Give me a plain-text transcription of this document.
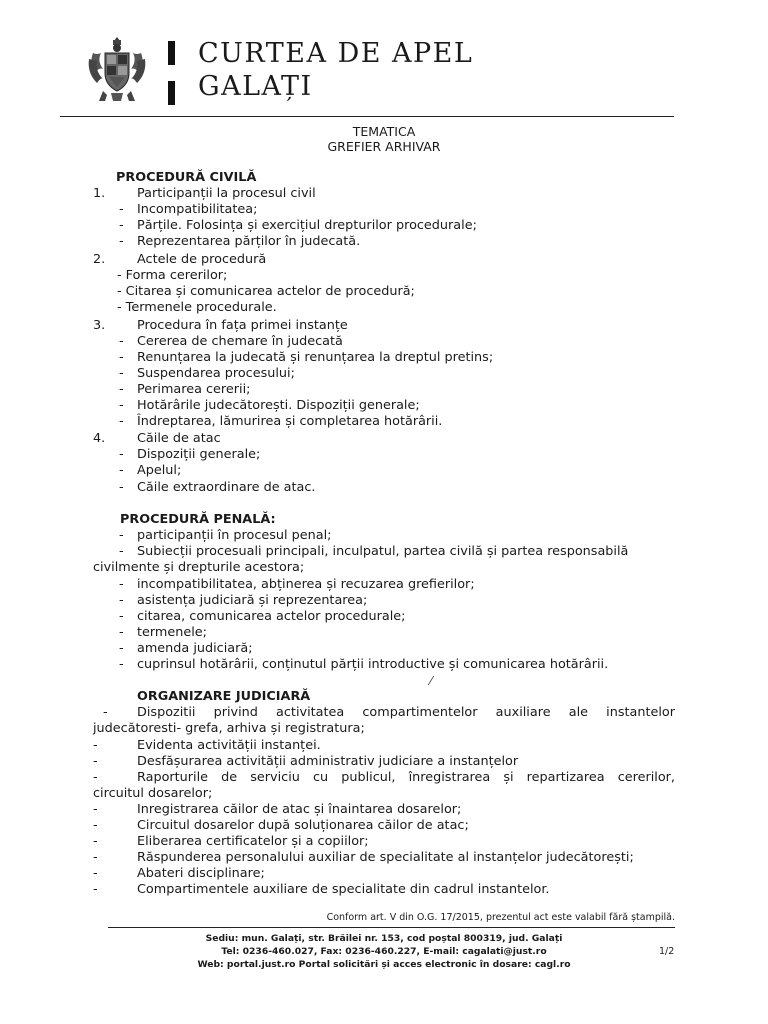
CURTEA DE APEL
GALAȚI
TEMATICA
GREFIER ARHIVAR
PROCEDURĂ CIVILĂ
1. Participanții la procesul civil
- Incompatibilitatea;
- Părțile. Folosința și exercițiul drepturilor procedurale;
- Reprezentarea părților în judecată.
2. Actele de procedură
- Forma cererilor;
- Citarea și comunicarea actelor de procedură;
- Termenele procedurale.
3. Procedura în fața primei instanțe
- Cererea de chemare în judecată
- Renunțarea la judecată și renunțarea la dreptul pretins;
- Suspendarea procesului;
- Perimarea cererii;
- Hotărârile judecătorești. Dispoziții generale;
- Îndreptarea, lămurirea și completarea hotărârii.
4. Căile de atac
- Dispoziții generale;
- Apelul;
- Căile extraordinare de atac.
PROCEDURĂ PENALĂ:
- participanții în procesul penal;
- Subiecții procesuali principali, inculpatul, partea civilă și partea responsabilă
civilmente și drepturile acestora;
- incompatibilitatea, abținerea și recuzarea grefierilor;
- asistența judiciară și reprezentarea;
- citarea, comunicarea actelor procedurale;
- termenele;
- amenda judiciară;
- cuprinsul hotărârii, conținutul părții introductive și comunicarea hotărârii.
⁄
ORGANIZARE JUDICIARĂ
- Dispozitii privind activitatea compartimentelor auxiliare ale instantelor
judecătoresti- grefa, arhiva și registratura;
-	Evidenta activității instanței.
-	Desfășurarea activității administrativ judiciare a instanțelor
-	Raporturile de serviciu cu publicul, înregistrarea și repartizarea cererilor,
circuitul dosarelor;
-	Inregistrarea căilor de atac și înaintarea dosarelor;
-	Circuitul dosarelor după soluționarea căilor de atac;
-	Eliberarea certificatelor și a copiilor;
-	Răspunderea personalului auxiliar de specialitate al instanțelor judecătorești;
-	Abateri disciplinare;
-	Compartimentele auxiliare de specialitate din cadrul instantelor.
Conform art. V din O.G. 17/2015, prezentul act este valabil fără ștampilă.
Sediu: mun. Galați, str. Brăilei nr. 153, cod poștal 800319, jud. Galați
Tel: 0236-460.027, Fax: 0236-460.227, E-mail: cagalati@just.ro
Web: portal.just.ro Portal solicitări și acces electronic în dosare: cagl.ro
1/2
